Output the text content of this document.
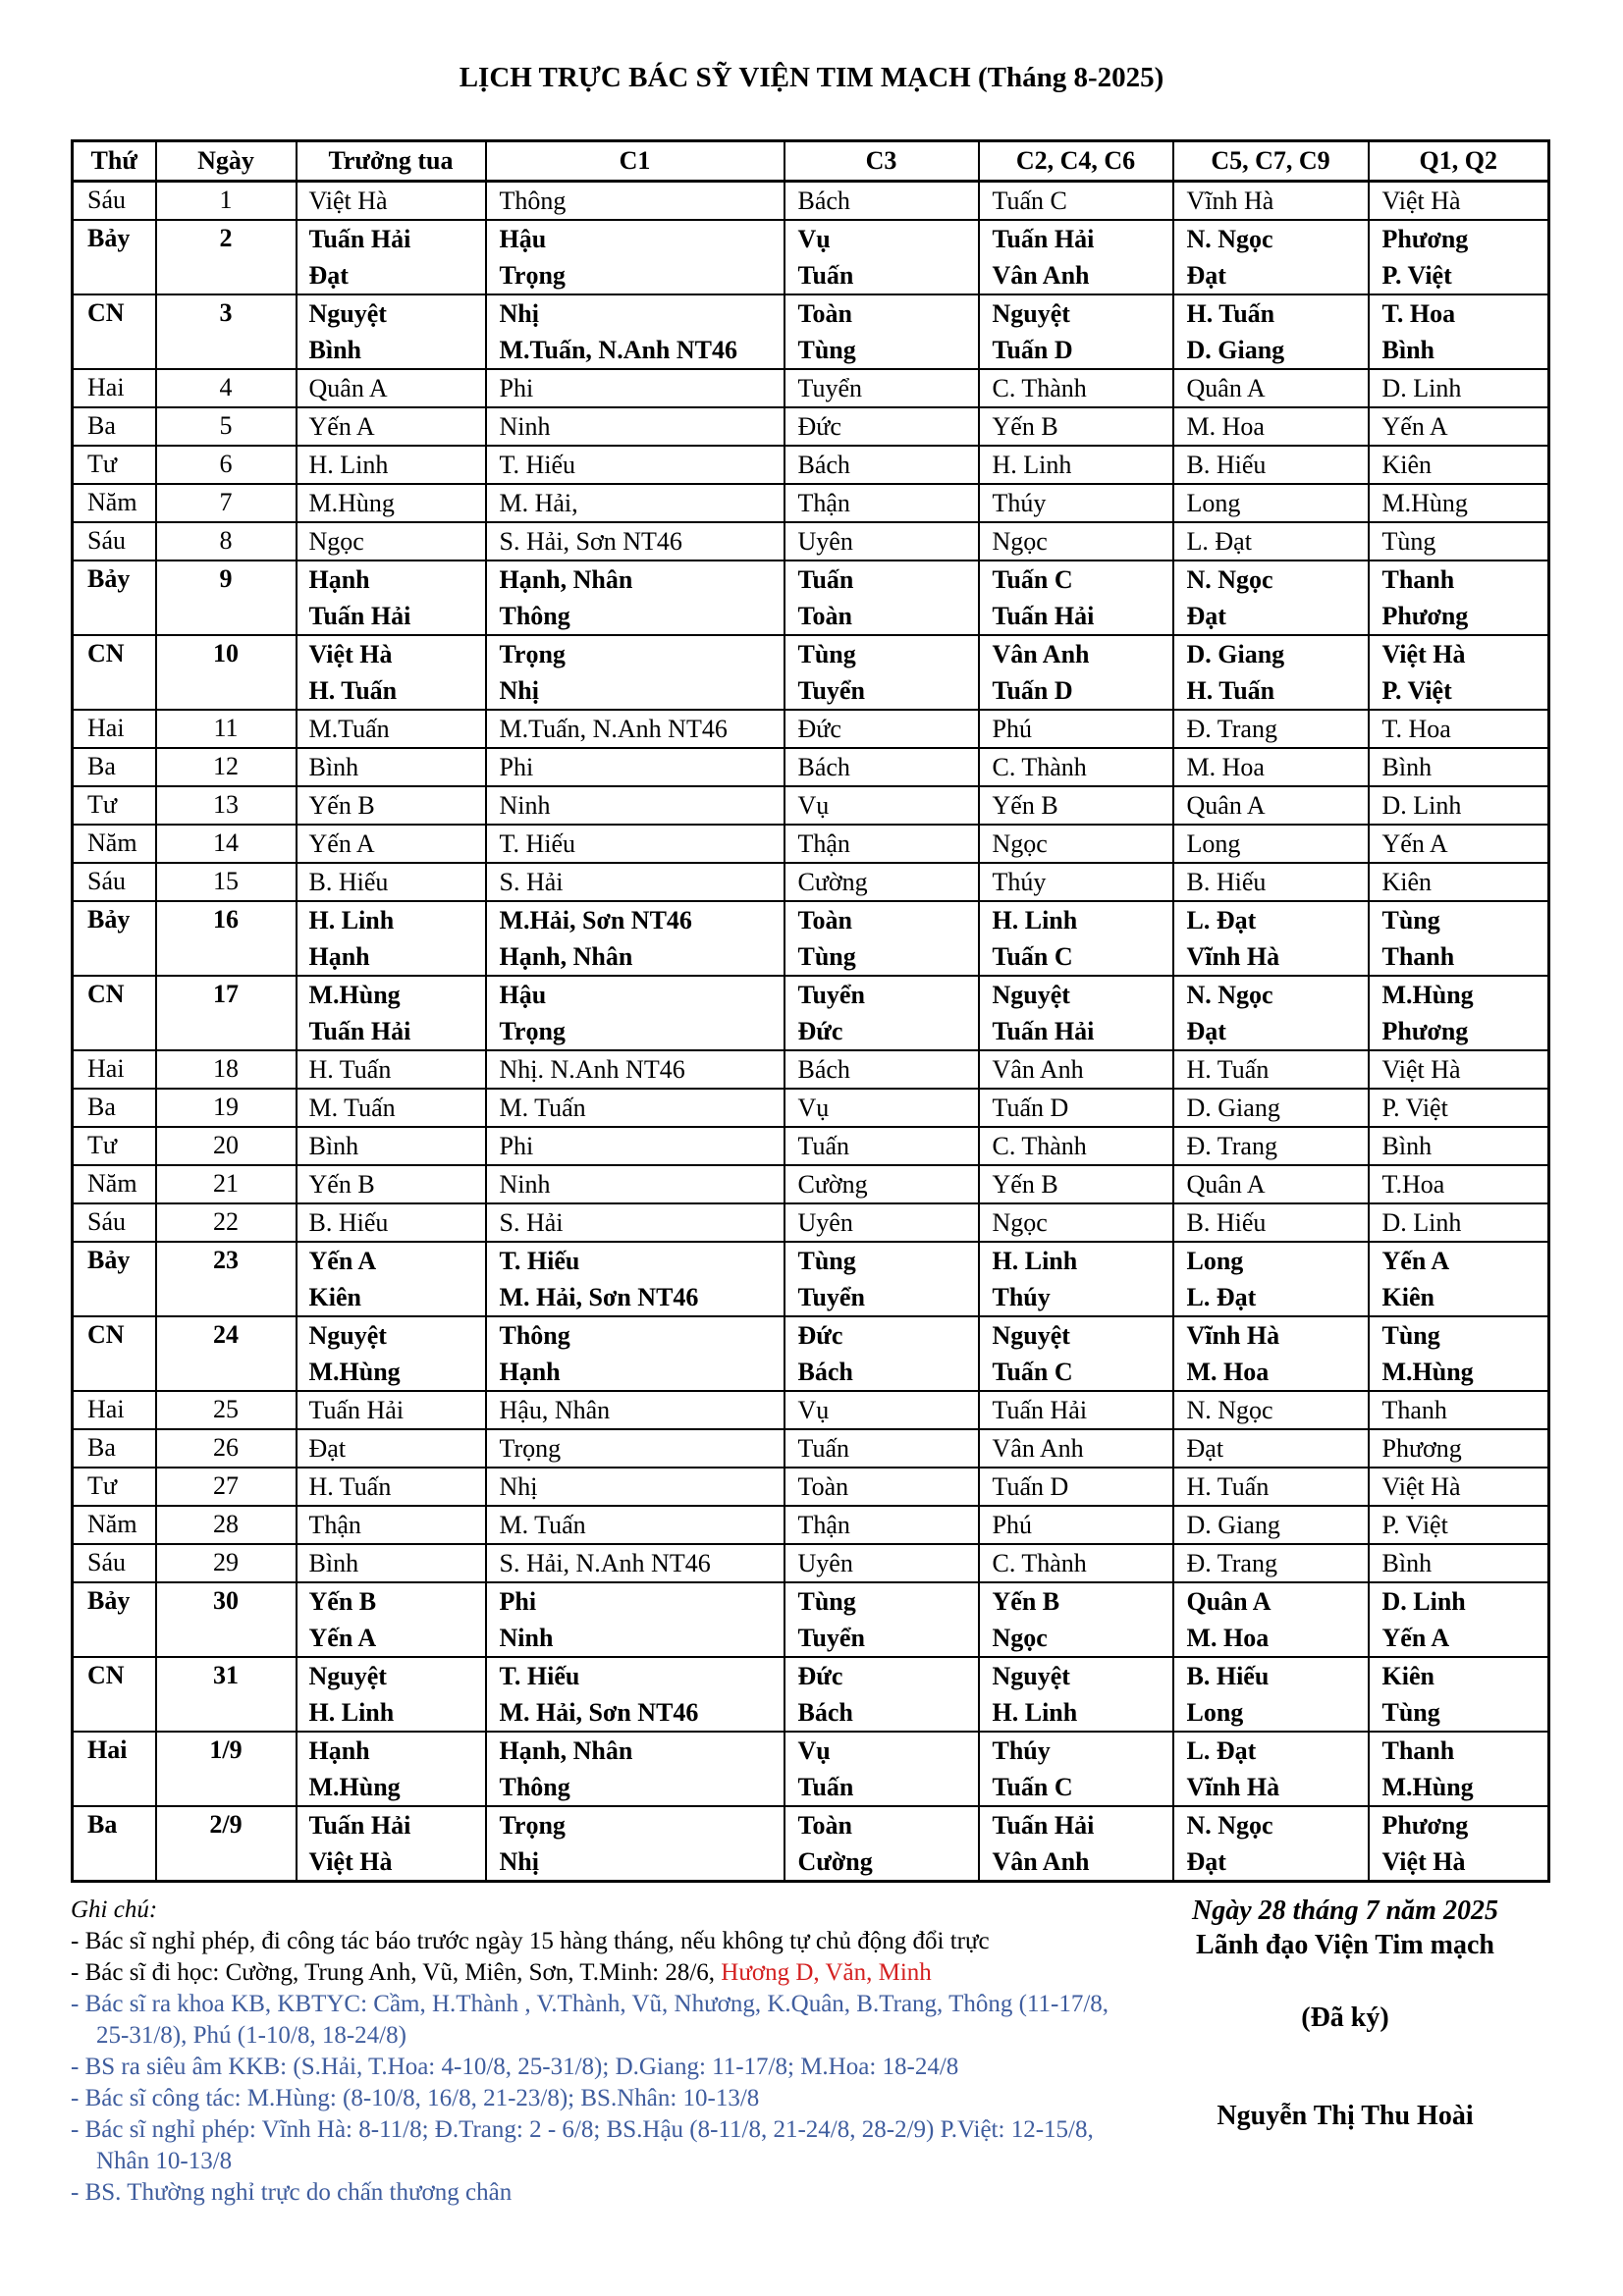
LỊCH TRỰC BÁC SỸ VIỆN TIM MẠCH (Tháng 8-2025)
Thứ	Ngày	Trưởng tua	C1	C3	C2, C4, C6	C5, C7, C9	Q1, Q2
Sáu	1	Việt Hà	Thông	Bách	Tuấn C	Vĩnh Hà	Việt Hà
Bảy	2	Tuấn Hải	Hậu	Vụ	Tuấn Hải	N. Ngọc	Phương
		Đạt	Trọng	Tuấn	Vân Anh	Đạt	P. Việt
CN	3	Nguyệt	Nhị	Toàn	Nguyệt	H. Tuấn	T. Hoa
		Bình	M.Tuấn, N.Anh NT46	Tùng	Tuấn D	D. Giang	Bình
Hai	4	Quân A	Phi	Tuyển	C. Thành	Quân A	D. Linh
Ba	5	Yến A	Ninh	Đức	Yến B	M. Hoa	Yến A
Tư	6	H. Linh	T. Hiếu	Bách	H. Linh	B. Hiếu	Kiên
Năm	7	M.Hùng	M. Hải,	Thận	Thúy	Long	M.Hùng
Sáu	8	Ngọc	S. Hải, Sơn NT46	Uyên	Ngọc	L. Đạt	Tùng
Bảy	9	Hạnh	Hạnh, Nhân	Tuấn	Tuấn C	N. Ngọc	Thanh
		Tuấn Hải	Thông	Toàn	Tuấn Hải	Đạt	Phương
CN	10	Việt Hà	Trọng	Tùng	Vân Anh	D. Giang	Việt Hà
		H. Tuấn	Nhị	Tuyển	Tuấn D	H. Tuấn	P. Việt
Hai	11	M.Tuấn	M.Tuấn, N.Anh NT46	Đức	Phú	Đ. Trang	T. Hoa
Ba	12	Bình	Phi	Bách	C. Thành	M. Hoa	Bình
Tư	13	Yến B	Ninh	Vụ	Yến B	Quân A	D. Linh
Năm	14	Yến A	T. Hiếu	Thận	Ngọc	Long	Yến A
Sáu	15	B. Hiếu	S. Hải	Cường	Thúy	B. Hiếu	Kiên
Bảy	16	H. Linh	M.Hải, Sơn NT46	Toàn	H. Linh	L. Đạt	Tùng
		Hạnh	Hạnh, Nhân	Tùng	Tuấn C	Vĩnh Hà	Thanh
CN	17	M.Hùng	Hậu	Tuyển	Nguyệt	N. Ngọc	M.Hùng
		Tuấn Hải	Trọng	Đức	Tuấn Hải	Đạt	Phương
Hai	18	H. Tuấn	Nhị. N.Anh NT46	Bách	Vân Anh	H. Tuấn	Việt Hà
Ba	19	M. Tuấn	M. Tuấn	Vụ	Tuấn D	D. Giang	P. Việt
Tư	20	Bình	Phi	Tuấn	C. Thành	Đ. Trang	Bình
Năm	21	Yến B	Ninh	Cường	Yến B	Quân A	T.Hoa
Sáu	22	B. Hiếu	S. Hải	Uyên	Ngọc	B. Hiếu	D. Linh
Bảy	23	Yến A	T. Hiếu	Tùng	H. Linh	Long	Yến A
		Kiên	M. Hải, Sơn NT46	Tuyển	Thúy	L. Đạt	Kiên
CN	24	Nguyệt	Thông	Đức	Nguyệt	Vĩnh Hà	Tùng
		M.Hùng	Hạnh	Bách	Tuấn C	M. Hoa	M.Hùng
Hai	25	Tuấn Hải	Hậu, Nhân	Vụ	Tuấn Hải	N. Ngọc	Thanh
Ba	26	Đạt	Trọng	Tuấn	Vân Anh	Đạt	Phương
Tư	27	H. Tuấn	Nhị	Toàn	Tuấn D	H. Tuấn	Việt Hà
Năm	28	Thận	M. Tuấn	Thận	Phú	D. Giang	P. Việt
Sáu	29	Bình	S. Hải, N.Anh NT46	Uyên	C. Thành	Đ. Trang	Bình
Bảy	30	Yến B	Phi	Tùng	Yến B	Quân A	D. Linh
		Yến A	Ninh	Tuyển	Ngọc	M. Hoa	Yến A
CN	31	Nguyệt	T. Hiếu	Đức	Nguyệt	B. Hiếu	Kiên
		H. Linh	M. Hải, Sơn NT46	Bách	H. Linh	Long	Tùng
Hai	1/9	Hạnh	Hạnh, Nhân	Vụ	Thúy	L. Đạt	Thanh
		M.Hùng	Thông	Tuấn	Tuấn C	Vĩnh Hà	M.Hùng
Ba	2/9	Tuấn Hải	Trọng	Toàn	Tuấn Hải	N. Ngọc	Phương
		Việt Hà	Nhị	Cường	Vân Anh	Đạt	Việt Hà
Ghi chú:
- Bác sĩ nghỉ phép, đi công tác báo trước ngày 15 hàng tháng, nếu không tự chủ động đổi trực
- Bác sĩ đi học: Cường, Trung Anh, Vũ, Miên, Sơn, T.Minh: 28/6, Hương D, Văn, Minh
- Bác sĩ ra khoa KB, KBTYC: Cầm, H.Thành , V.Thành, Vũ, Nhương, K.Quân, B.Trang, Thông (11-17/8, 25-31/8), Phú (1-10/8, 18-24/8)
- BS ra siêu âm KKB: (S.Hải, T.Hoa: 4-10/8, 25-31/8); D.Giang: 11-17/8; M.Hoa: 18-24/8
- Bác sĩ công tác: M.Hùng: (8-10/8, 16/8, 21-23/8); BS.Nhân: 10-13/8
- Bác sĩ nghỉ phép: Vĩnh Hà: 8-11/8; Đ.Trang: 2 - 6/8; BS.Hậu (8-11/8, 21-24/8, 28-2/9) P.Việt: 12-15/8, Nhân 10-13/8
- BS. Thường nghỉ trực do chấn thương chân
Ngày 28 tháng 7 năm 2025
Lãnh đạo Viện Tim mạch
(Đã ký)
Nguyễn Thị Thu Hoài
